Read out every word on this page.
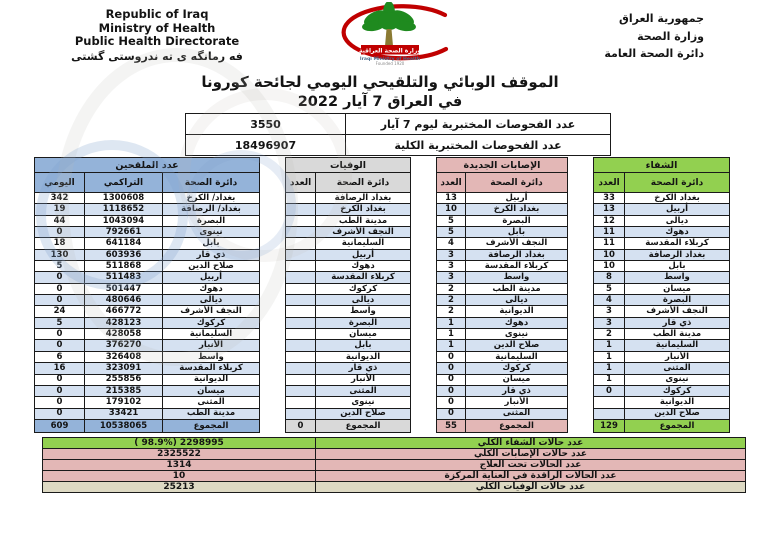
Republic of Iraq
Ministry of Health
Public Health Directorate
فه رمانگه ی ته ندروستی گشتی	وزارة الصحة العراقية
Iraqi Ministry of Health
Founded 1920
جمهورية العراق
وزارة الصحة
دائرة الصحة العامة
الموقف الوبائي والتلقيحي اليومي لجائحة كورونا
في العراق 7 آيار 2022
3550	عدد الفحوصات المختبرية ليوم 7 آيار
18496907	عدد الفحوصات المختبرية الكلية
عدد الملقحين		
اليومي	التراكمي	دائرة الصحة
342	1300608	بغداد/ الكرخ
19	1118652	بغداد/ الرصافة
44	1043094	البصرة
0	792661	نينوى
18	641184	بابل
130	603936	ذي قار
5	511868	صلاح الدين
0	511483	أربيل
0	501447	دهوك
0	480646	ديالى
24	466772	النجف الأشرف
5	428123	كركوك
0	428058	السليمانية
0	376270	الأنبار
6	326408	واسط
16	323091	كربلاء المقدسة
0	255856	الديوانية
0	215385	ميسان
0	179102	المثنى
0	33421	مدينة الطب
609	10538065	المجموع
الوفيات	
العدد	دائرة الصحة
	بغداد الرصافة
	بغداد الكرخ
	مدينة الطب
	النجف الأشرف
	السليمانية
	أربيل
	دهوك
	كربلاء المقدسة
	كركوك
	ديالى
	واسط
	البصرة
	ميسان
	بابل
	الديوانية
	ذي قار
	الأنبار
	المثنى
	نينوى
	صلاح الدين
0	المجموع
الإصابات الجديدة	
العدد	دائرة الصحة
13	أربيل
10	بغداد الكرخ
5	البصرة
5	بابل
4	النجف الأشرف
3	بغداد الرصافة
3	كربلاء المقدسة
3	واسط
2	مدينة الطب
2	ديالى
2	الديوانية
1	دهوك
1	نينوى
1	صلاح الدين
0	السليمانية
0	كركوك
0	ميسان
0	ذي قار
0	الأنبار
0	المثنى
55	المجموع
الشفاء	
العدد	دائرة الصحة
33	بغداد الكرخ
13	أربيل
12	ديالى
11	دهوك
11	كربلاء المقدسة
10	بغداد الرصافة
10	بابل
8	واسط
5	ميسان
4	البصرة
3	النجف الأشرف
3	ذي قار
2	مدينة الطب
1	السليمانية
1	الأنبار
1	المثنى
1	نينوى
0	كركوك
	الديوانية
	صلاح الدين
129	المجموع
( 98.9%) 2298995	عدد حالات الشفاء الكلي
2325522	عدد حالات الإصابات الكلي
1314	عدد الحالات تحت العلاج
10	عدد الحالات الراقدة في العناية المركزة
25213	عدد حالات الوفيات الكلي
